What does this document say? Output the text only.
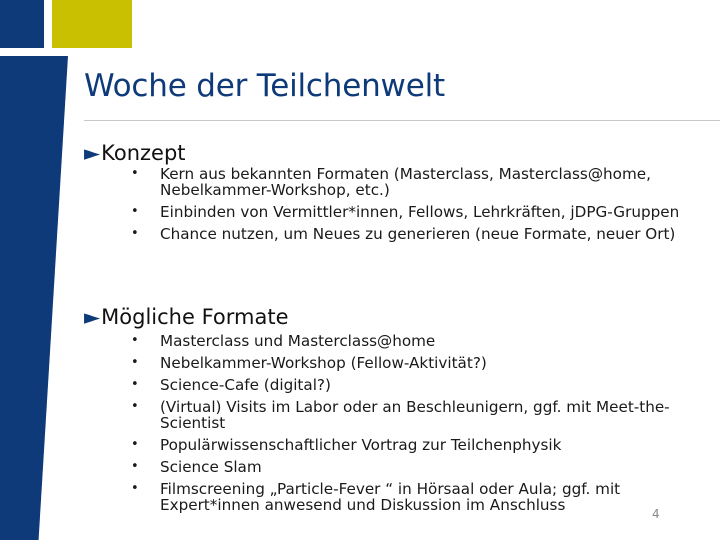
Woche der Teilchenwelt
►Konzept
• Kern aus bekannten Formaten (Masterclass, Masterclass@home, Nebelkammer-Workshop, etc.)
• Einbinden von Vermittler*innen, Fellows, Lehrkräften, jDPG-Gruppen
• Chance nutzen, um Neues zu generieren (neue Formate, neuer Ort)
►Mögliche Formate
• Masterclass und Masterclass@home
• Nebelkammer-Workshop (Fellow-Aktivität?)
• Science-Cafe (digital?)
• (Virtual) Visits im Labor oder an Beschleunigern, ggf. mit Meet-the-Scientist
• Populärwissenschaftlicher Vortrag zur Teilchenphysik
• Science Slam
• Filmscreening „Particle-Fever “ in Hörsaal oder Aula; ggf. mit Expert*innen anwesend und Diskussion im Anschluss	4
